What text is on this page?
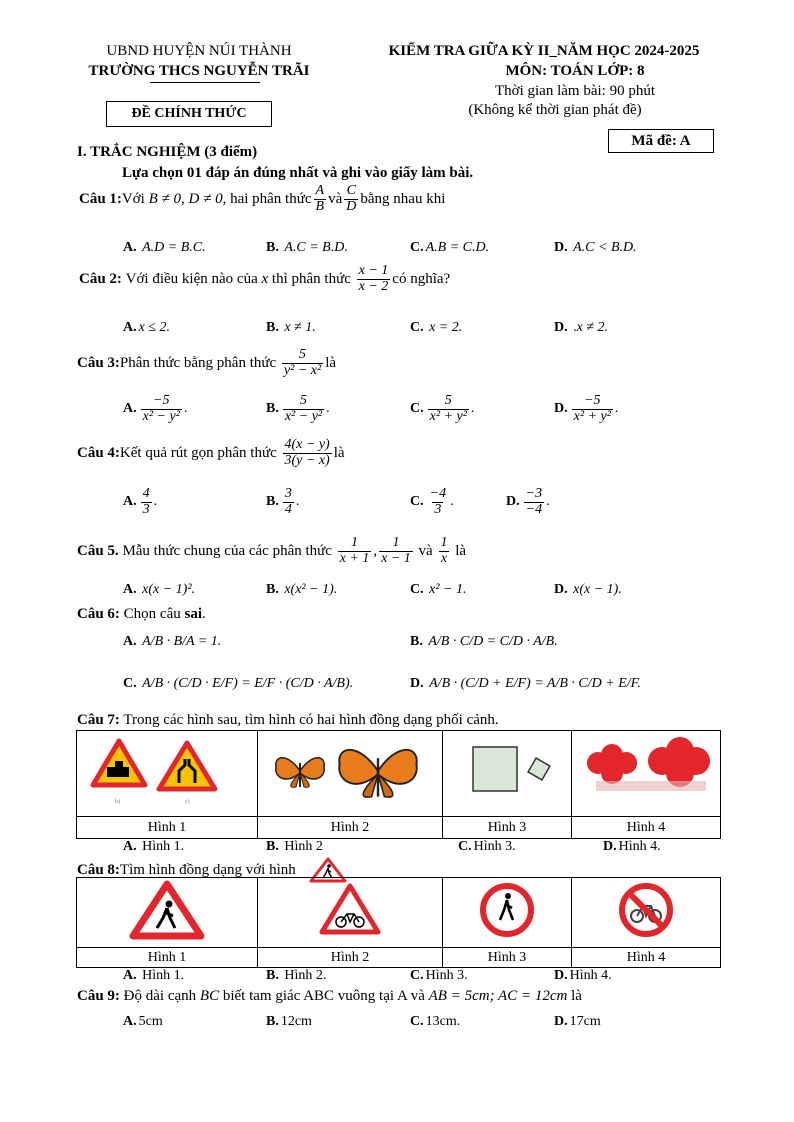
UBND HUYỆN NÚI THÀNH
TRƯỜNG THCS NGUYỄN TRÃI
ĐỀ CHÍNH THỨC
KIỂM TRA GIỮA KỲ II_NĂM HỌC 2024-2025
MÔN: TOÁN LỚP: 8
Thời gian làm bài: 90 phút
(Không kể thời gian phát đề)
Mã đề: A
I. TRẮC NGHIỆM (3 điểm)
Lựa chọn 01 đáp án đúng nhất và ghi vào giấy làm bài.
Câu 1: Với
B ≠ 0, D ≠ 0 , hai phân thức $\frac{A}{B}$ và $\frac{C}{D}$ bằng nhau khi
A. A.D = B.C.	B. A.C = B.D.	C. A.B = C.D.	D. A.C < B.D.
Câu 2:
Với điều kiện nào của
x
thì phân thức
$\frac{x - 1}{x - 2}$ có nghĩa?
A. x ≤ 2.	B. x ≠ 1.	C. x = 2.	D. .x ≠ 2.
Câu 3: Phân thức bằng phân thức
$\frac{5}{\text{y² − x²}}$ là
A. $\frac{-5}{\text{x² − y²}}$ .	B. $\frac{5}{\text{x² − y²}}$ .	C. $\frac{5}{\text{x² + y²}}$ .	D. $\frac{-5}{\text{x² + y²}}$ .
Câu 4: Kết quả rút gọn phân thức
$\frac{4(x - y)}{3(y - x)}$ là
A. $\frac{4}{3}$ .	B. $\frac{3}{4}$ .	C. $\frac{-4}{3}$ .	D. $\frac{-3}{-4}$ .
Câu 5.
Mẫu thức chung của các phân thức
$\frac{1}{x + 1}$ , $\frac{1}{x - 1}$
và
$\frac{1}{x}$
là
A. x(x − 1)².	B. x(x² − 1).	C. x² − 1.	D. x(x − 1).
Câu 6: Chọn câu sai.
A. A/B · B/A = 1.	B. A/B · C/D = C/D · A/B.
C. A/B · (C/D · E/F) = E/F · (C/D · A/B).	D. A/B · (C/D + E/F) = A/B · C/D + E/F.
Câu 7: Trong các hình sau, tìm hình có hai hình đồng dạng phối cảnh.
b) c)

Hình 1	Hình 2	Hình 3	Hình 4
A. Hình 1.	B. Hình 2	C. Hình 3.	D. Hình 4.
Câu 8: Tìm hình đồng dạng với hình

Hình 1	Hình 2	Hình 3	Hình 4
A. Hình 1.	B. Hình 2.	C. Hình 3.	D. Hình 4.
Câu 9: Độ dài cạnh BC biết tam giác ABC vuông tại A và AB = 5cm; AC = 12cm là
A. 5cm	B. 12cm	C. 13cm.	D. 17cm
